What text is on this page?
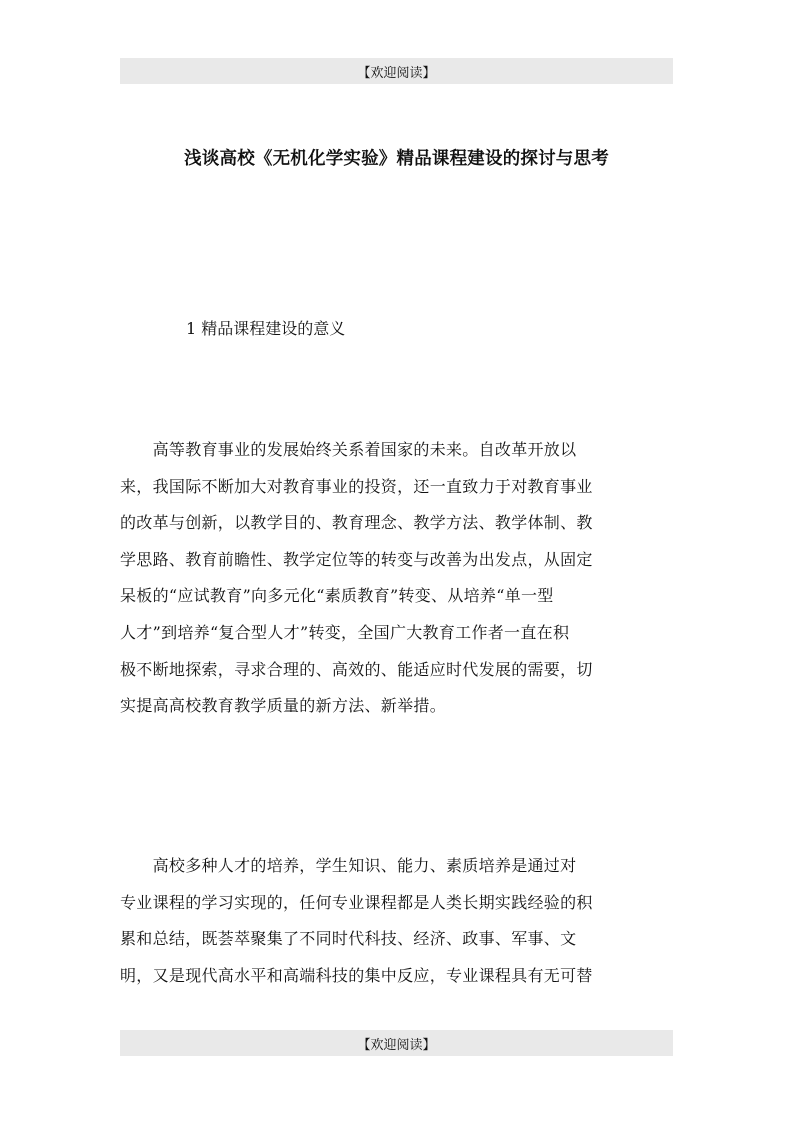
【欢迎阅读】
浅谈高校《无机化学实验》精品课程建设的探讨与思考
1 精品课程建设的意义

　　高等教育事业的发展始终关系着国家的未来。自改革开放以
来，我国际不断加大对教育事业的投资，还一直致力于对教育事业
的改革与创新，以教学目的、教育理念、教学方法、教学体制、教
学思路、教育前瞻性、教学定位等的转变与改善为出发点，从固定
呆板的“应试教育”向多元化“素质教育”转变、从培养“单一型
人才”到培养“复合型人才”转变，全国广大教育工作者一直在积
极不断地探索，寻求合理的、高效的、能适应时代发展的需要，切
实提高高校教育教学质量的新方法、新举措。

　　高校多种人才的培养，学生知识、能力、素质培养是通过对
专业课程的学习实现的，任何专业课程都是人类长期实践经验的积
累和总结，既荟萃聚集了不同时代科技、经济、政事、军事、文
明，又是现代高水平和高端科技的集中反应，专业课程具有无可替

【欢迎阅读】
